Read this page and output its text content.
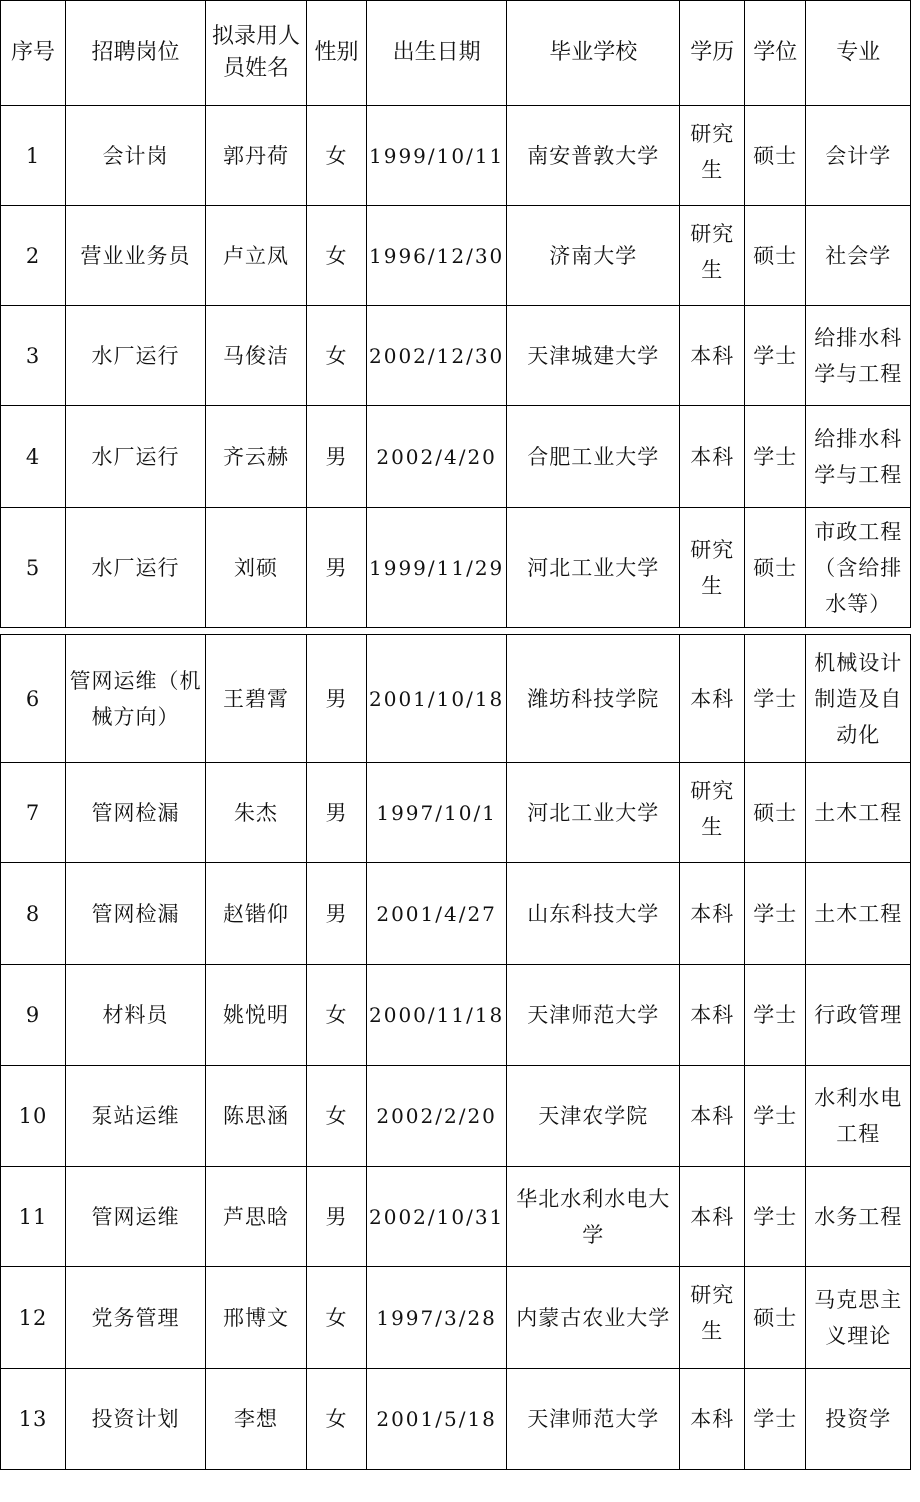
序号	招聘岗位	拟录用人员姓名	性别	出生日期	毕业学校	学历	学位	专业
1	会计岗	郭丹荷	女	1999/10/11	南安普敦大学	研究生	硕士	会计学
2	营业业务员	卢立凤	女	1996/12/30	济南大学	研究生	硕士	社会学
3	水厂运行	马俊洁	女	2002/12/30	天津城建大学	本科	学士	给排水科学与工程
4	水厂运行	齐云赫	男	2002/4/20	合肥工业大学	本科	学士	给排水科学与工程
5	水厂运行	刘硕	男	1999/11/29	河北工业大学	研究生	硕士	市政工程（含给排水等）

6	管网运维（机械方向）	王碧霄	男	2001/10/18	潍坊科技学院	本科	学士	机械设计制造及自动化
7	管网检漏	朱杰	男	1997/10/1	河北工业大学	研究生	硕士	土木工程
8	管网检漏	赵锴仰	男	2001/4/27	山东科技大学	本科	学士	土木工程
9	材料员	姚悦明	女	2000/11/18	天津师范大学	本科	学士	行政管理
10	泵站运维	陈思涵	女	2002/2/20	天津农学院	本科	学士	水利水电工程
11	管网运维	芦思晗	男	2002/10/31	华北水利水电大学	本科	学士	水务工程
12	党务管理	邢博文	女	1997/3/28	内蒙古农业大学	研究生	硕士	马克思主义理论
13	投资计划	李想	女	2001/5/18	天津师范大学	本科	学士	投资学
